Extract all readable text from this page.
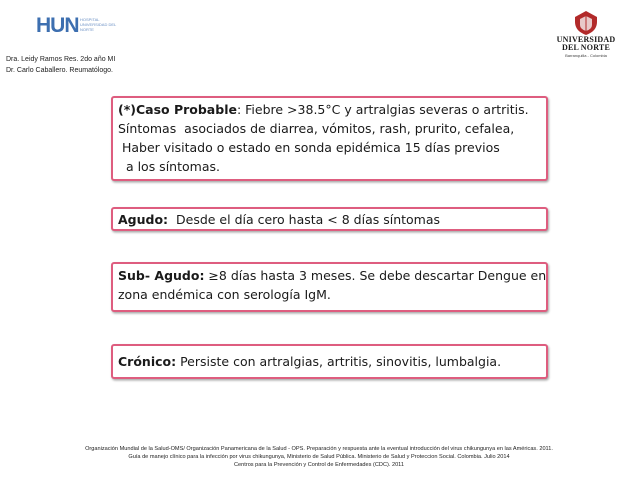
HUN HOSPITAL UNIVERSIDAD DEL NORTE
UNIVERSIDAD
DEL NORTE
Barranquilla - Colombia
Dra. Leidy Ramos Res. 2do año MI
Dr. Carlo Caballero. Reumatólogo.
(*)Caso Probable: Fiebre >38.5°C y artralgias severas o artritis.
Síntomas  asociados de diarrea, vómitos, rash, prurito, cefalea,
Haber visitado o estado en sonda epidémica 15 días previos
a los síntomas.
Agudo:  Desde el día cero hasta < 8 días síntomas
Sub- Agudo: ≥8 días hasta 3 meses. Se debe descartar Dengue en
zona endémica con serología IgM.
Crónico: Persiste con artralgias, artritis, sinovitis, lumbalgia.
Organización Mundial de la Salud-OMS/ Organización Panamericana de la Salud - OPS. Preparación y respuesta ante la eventual introducción del virus chikungunya en las Américas. 2011.
Guía de manejo clínico para la infección por virus chikungunya, Ministerio de Salud Pública. Ministerio de Salud y Proteccion Social. Colombia. Julio 2014
Centros para la Prevención y Control de Enfermedades (CDC). 2011
